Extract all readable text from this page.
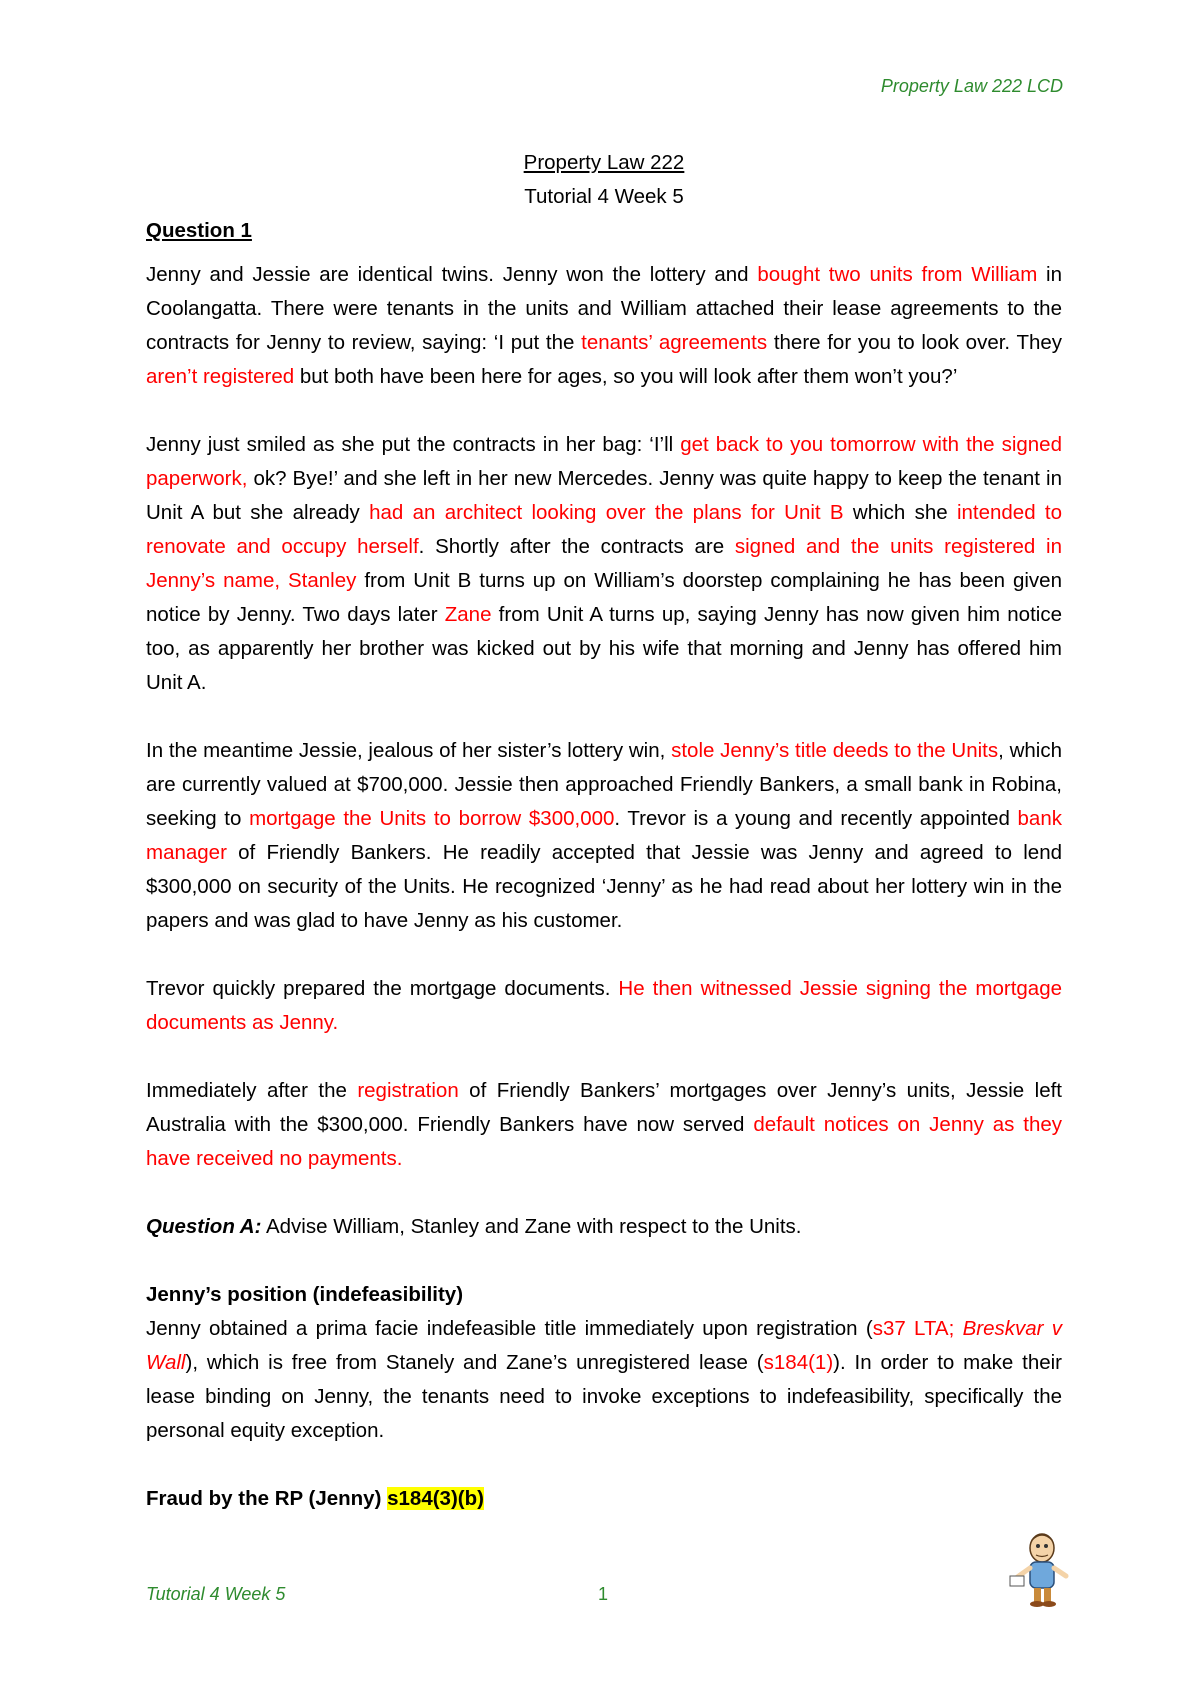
Property Law 222 LCD
Property Law 222
Tutorial 4 Week 5
Question 1

Jenny and Jessie are identical twins. Jenny won the lottery and bought two units from William in Coolangatta. There were tenants in the units and William attached their lease agreements to the contracts for Jenny to review, saying: ‘I put the tenants’ agreements there for you to look over. They aren’t registered but both have been here for ages, so you will look after them won’t you?’

Jenny just smiled as she put the contracts in her bag: ‘I’ll get back to you tomorrow with the signed paperwork, ok? Bye!’ and she left in her new Mercedes. Jenny was quite happy to keep the tenant in Unit A but she already had an architect looking over the plans for Unit B which she intended to renovate and occupy herself. Shortly after the contracts are signed and the units registered in Jenny’s name, Stanley from Unit B turns up on William’s doorstep complaining he has been given notice by Jenny. Two days later Zane from Unit A turns up, saying Jenny has now given him notice too, as apparently her brother was kicked out by his wife that morning and Jenny has offered him Unit A.

In the meantime Jessie, jealous of her sister’s lottery win, stole Jenny’s title deeds to the Units, which are currently valued at $700,000. Jessie then approached Friendly Bankers, a small bank in Robina, seeking to mortgage the Units to borrow $300,000. Trevor is a young and recently appointed bank manager of Friendly Bankers. He readily accepted that Jessie was Jenny and agreed to lend $300,000 on security of the Units. He recognized ‘Jenny’ as he had read about her lottery win in the papers and was glad to have Jenny as his customer.

Trevor quickly prepared the mortgage documents. He then witnessed Jessie signing the mortgage documents as Jenny.

Immediately after the registration of Friendly Bankers’ mortgages over Jenny’s units, Jessie left Australia with the $300,000. Friendly Bankers have now served default notices on Jenny as they have received no payments.

Question A: Advise William, Stanley and Zane with respect to the Units.

Jenny’s position (indefeasibility)

Jenny obtained a prima facie indefeasible title immediately upon registration (s37 LTA; Breskvar v Wall), which is free from Stanely and Zane’s unregistered lease (s184(1)). In order to make their lease binding on Jenny, the tenants need to invoke exceptions to indefeasibility, specifically the personal equity exception.

Fraud by the RP (Jenny) s184(3)(b)
Tutorial 4 Week 5	1
